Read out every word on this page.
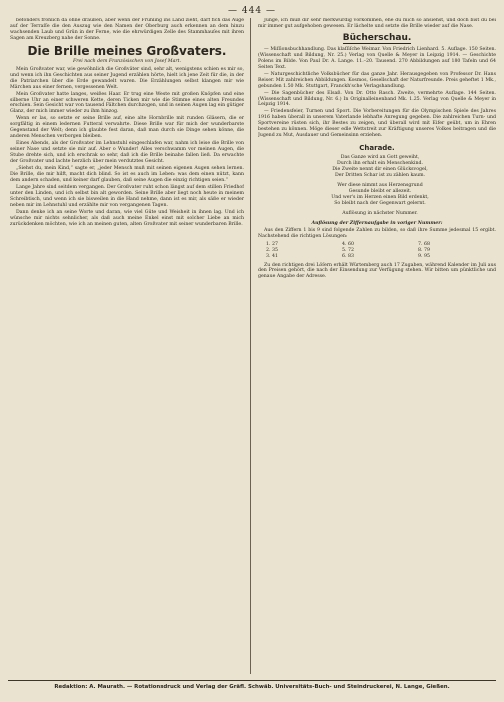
— 444 —

befonders fröhlich da ohne draußen, aber wenn der Frühling ins Land zieht, darf fich das Auge auf der Terraſſe die den Auszug wie den Namen der Oberburg auch erkennen an dem hinzu wachsenden Laub und Grün in der Ferne, wie die ehrwürdigen Zelle des Stammhauſes mit ihren Sagen am Kreuzberg nahe der Sonne.

Die Brille meines Großvaters.
Frei nach dem Französischen von Josef Mart.

Mein Großvater war, wie gewöhnlich die Großväter sind, sehr alt, wenigstens schien es mir so, und wenn ich ihn Geschichten aus seiner Jugend erzählen hörte, hielt ich jene Zeit für die, in der die Patriarchen über die Erde gewandelt waren. Die Erzählungen selbst klangen mir wie Märchen aus einer fernen, vergessenen Welt.

Mein Großvater hatte langes, weißes Haar. Er trug eine Weste mit großen Knöpfen und eine silberne Uhr an einer schweren Kette, deren Ticken mir wie die Stimme eines alten Freundes erschien. Sein Gesicht war von tausend Fältchen durchzogen, und in seinen Augen lag ein gütiger Glanz, der mich immer wieder zu ihm hinzog.

Wenn er las, so setzte er seine Brille auf, eine alte Hornbrille mit runden Gläsern, die er sorgfältig in einem ledernen Futteral verwahrte. Diese Brille war für mich der wunderbarste Gegenstand der Welt; denn ich glaubte fest daran, daß man durch sie Dinge sehen könne, die anderen Menschen verborgen bleiben.

Eines Abends, als der Großvater im Lehnstuhl eingeschlafen war, nahm ich leise die Brille von seiner Nase und setzte sie mir auf. Aber o Wunder! Alles verschwamm vor meinen Augen, die Stube drehte sich, und ich erschrak so sehr, daß ich die Brille beinahe fallen ließ. Da erwachte der Großvater und lachte herzlich über mein verdutztes Gesicht.

„Siehst du, mein Kind,“ sagte er, „jeder Mensch muß mit seinen eigenen Augen sehen lernen. Die Brille, die mir hilft, macht dich blind. So ist es auch im Leben: was dem einen nützt, kann dem andern schaden, und keiner darf glauben, daß seine Augen die einzig richtigen seien.“

Lange Jahre sind seitdem vergangen. Der Großvater ruht schon längst auf dem stillen Friedhof unter den Linden, und ich selbst bin alt geworden. Seine Brille aber liegt noch heute in meinem Schreibtisch, und wenn ich sie bisweilen in die Hand nehme, dann ist es mir, als säße er wieder neben mir im Lehnstuhl und erzählte mir von vergangenen Tagen.

Dann denke ich an seine Worte und daran, wie viel Güte und Weisheit in ihnen lag. Und ich wünsche mir nichts sehnlicher, als daß auch meine Enkel einst mit solcher Liebe an mich zurückdenken möchten, wie ich an meinen guten, alten Großvater mit seiner wunderbaren Brille.

Junge, ich muß dir sehr merkwürdig vorkommen, ehe du mich so ansiehst, und doch bist du bei mir immer gut aufgehoben gewesen. Er lächelte und setzte die Brille wieder auf die Nase.

Bücherschau.

— Miſſionsbuchhandlung. Das klaſſiſche Weimar. Von Friedrich Lienhard. 5. Auflage. 150 Seiten. (Wissenschaft und Bildung, Nr. 25.) Verlag von Quelle & Meyer in Leipzig 1914. — Geschichte Polens im Bilde. Von Paul Dr. A. Lange. 11.–20. Tausend. 270 Abbildungen auf 180 Tafeln und 64 Seiten Text.

— Naturgeschichtliche Volksbücher für das ganze Jahr. Herausgegeben von Professor Dr. Hans Reiser. Mit zahlreichen Abbildungen. Kosmos, Gesellschaft der Naturfreunde. Preis geheftet 1 Mk., gebunden 1.50 Mk. Stuttgart, Franckh'sche Verlagshandlung.

— Die Sagenbücher des Elsaß. Von Dr. Otto Rasch. Zweite, vermehrte Auflage. 144 Seiten. (Wissenschaft und Bildung, Nr. 6.) In Originalleinenband Mk. 1.25. Verlag von Quelle & Meyer in Leipzig 1914.

— Friedensfeier, Turnen und Sport. Die Vorbereitungen für die Olympischen Spiele des Jahres 1916 haben überall in unserem Vaterlande lebhafte Anregung gegeben. Die zahlreichen Turn- und Sportvereine rüsten sich, ihr Bestes zu zeigen, und überall wird mit Eifer geübt, um in Ehren bestehen zu können. Möge dieser edle Wettstreit zur Kräftigung unseres Volkes beitragen und die Jugend zu Mut, Ausdauer und Gemeinsinn erziehen.

Charade.

Das Ganze wird an Gott geweiht,

Durch ihn erhalt ein Menschenkind.

Die Zweite nennt dir einen Glücksvogel,

Der Dritten Schar ist zu zählen kaum.

Wer diese nimmt aus Herzensgrund

Gesunde bleibt er allezeit.

Und wer's im Herzen einen Bild erdenkt,

So bleibt nach der Gegenwart gelernt.

Auflösung in nächster Nummer.

Auflösung der Ziffernaufgabe in voriger Nummer:

Aus den Ziffern 1 bis 9 sind folgende Zahlen zu bilden, so daß ihre Summe jedesmal 15 ergibt. Nachstehend die richtigen Lösungen:

1. 27	4. 60	7. 68
2. 35	5. 72	8. 79
3. 41	6. 83	9. 95

Zu den richtigen drei Löſern erhält Würtemberg auch 17 Zugaben, während Kalender im Juli aus den Preisen gehört, die nach der Einsendung zur Verfügung stehen. Wir bitten um pünktliche und genaue Angabe der Adresse.

Redaktion: A. Maurath. — Rotationsdruck und Verlag der Gräfl. Schwäb. Universitäts-Buch- und Steindruckerei, N. Lange, Gießen.
